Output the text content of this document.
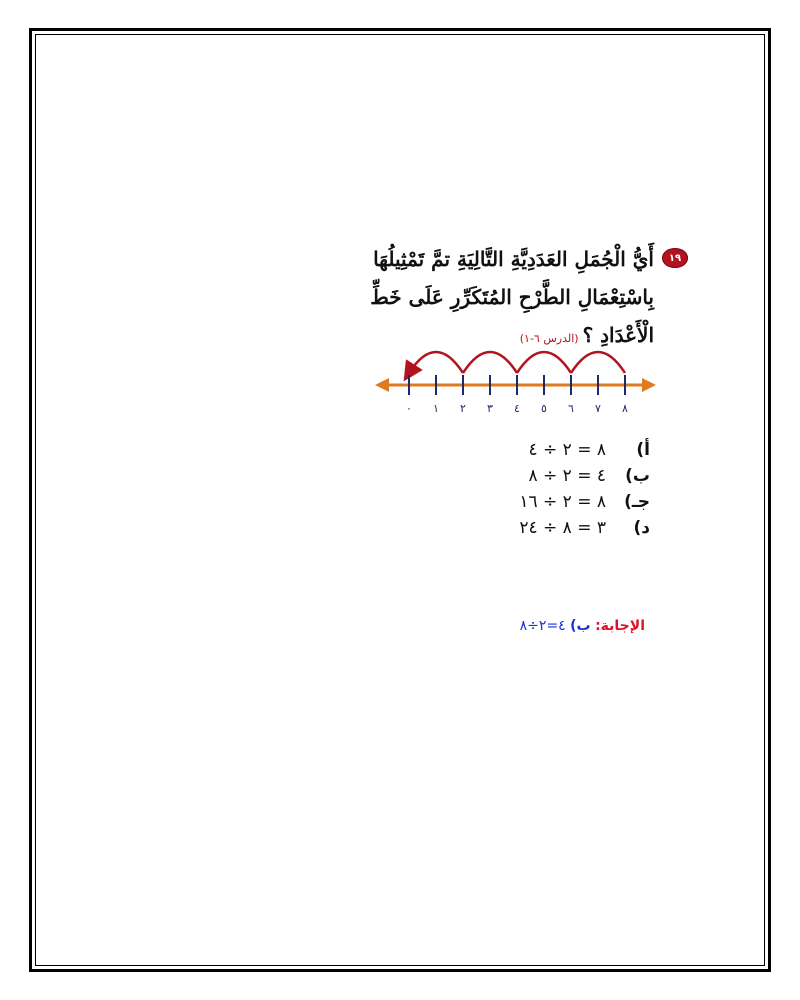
١٩
أَيُّ الْجُمَلِ العَدَدِيَّةِ التَّالِيَةِ تمَّ تَمْثِيلُهَا
بِاسْتِعْمَالِ الطَّرْحِ المُتَكَرِّرِ عَلَى خَطِّ
الْأَعْدَادِ ؟(الدرس ٦-١)
٠ ١ ٢ ٣ ٤ ٥ ٦ ٧ ٨
أ)
٨ = ٢ ÷ ٤
ب)
٤ = ٢ ÷ ٨
جـ)
٨ = ٢ ÷ ١٦
د)
٣ = ٨ ÷ ٢٤
الإجابة: ب) ٤=٢÷٨
